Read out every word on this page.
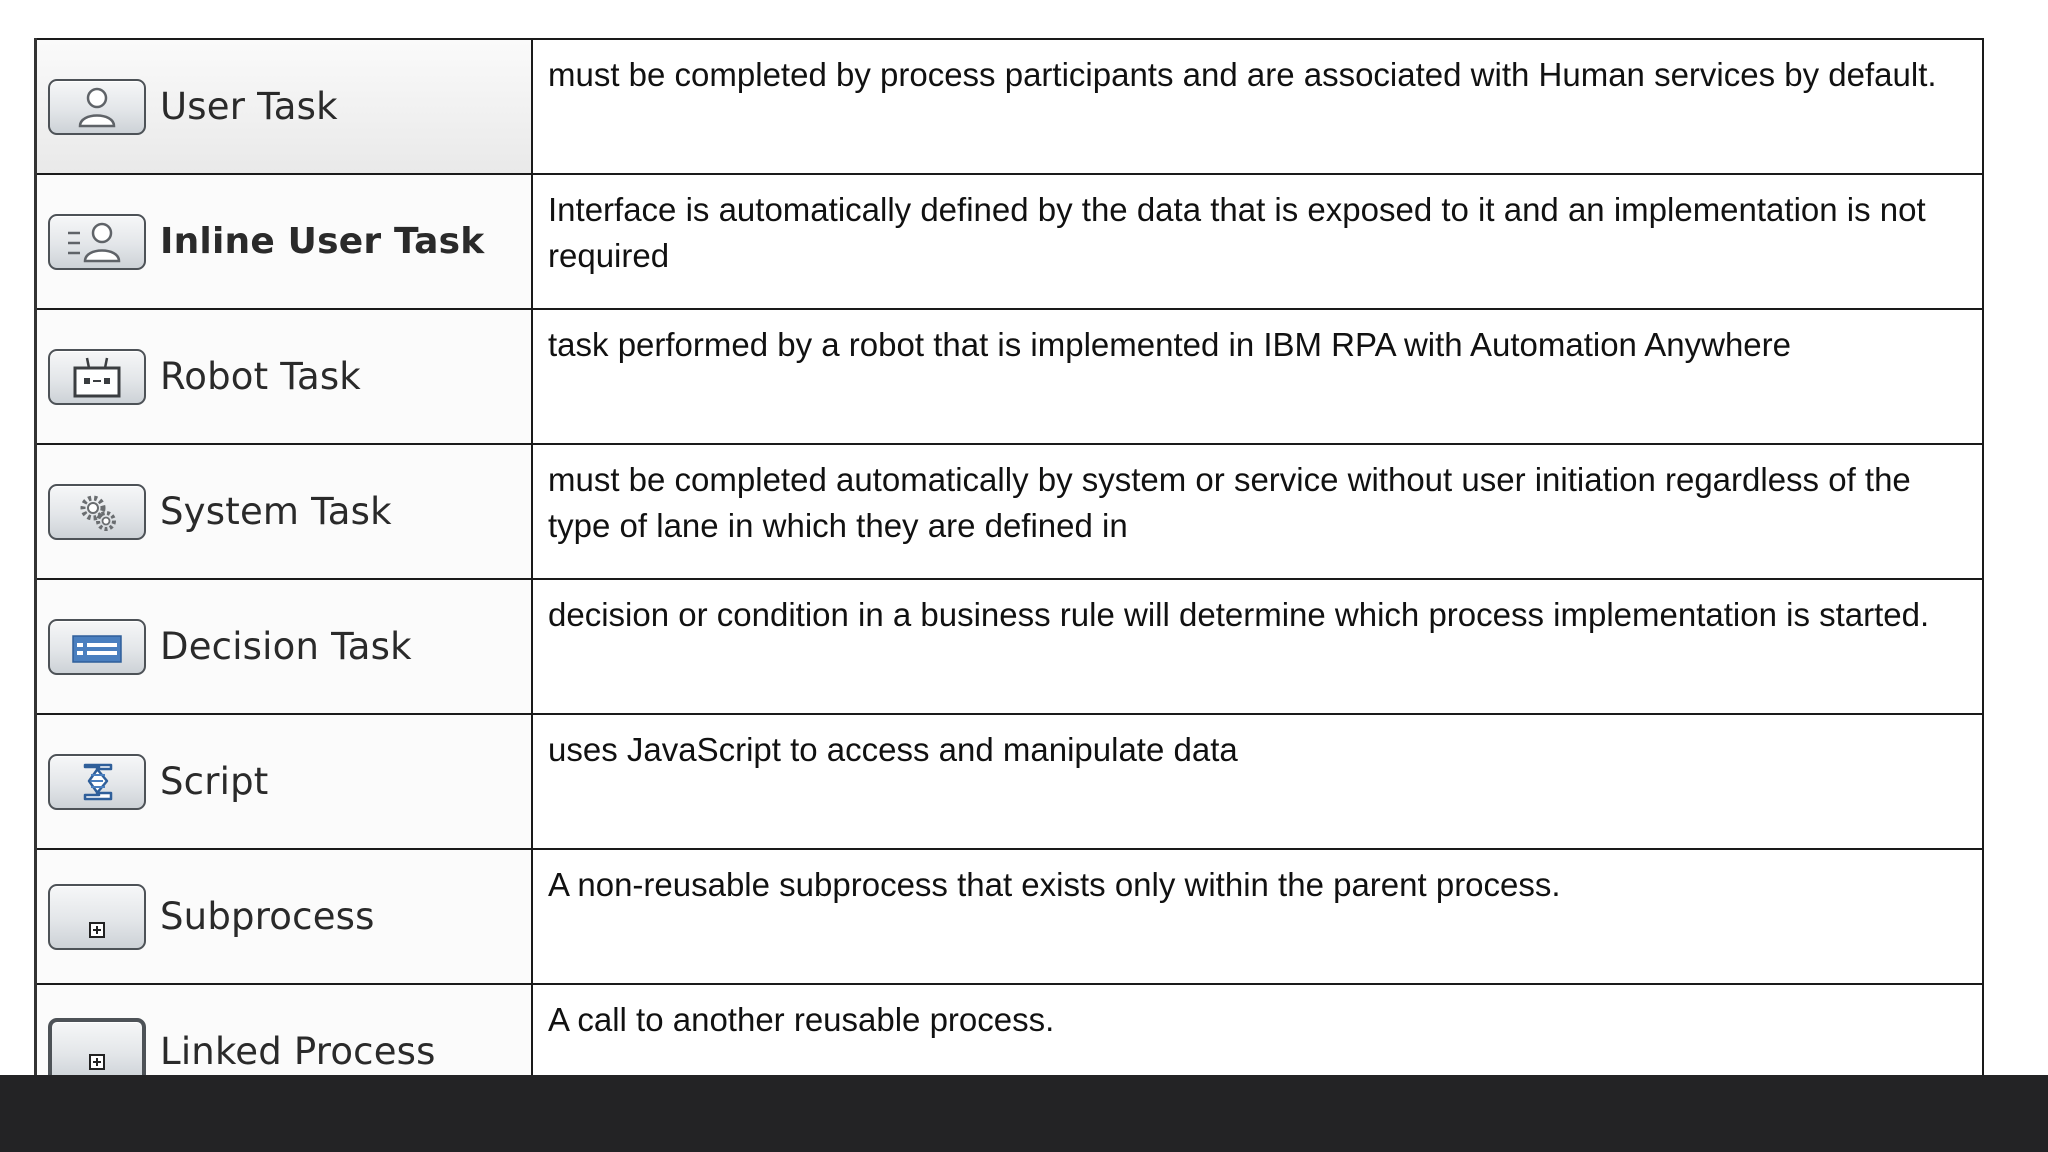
User Task	must be completed by process participants and are associated with Human services by default.

Inline User Task	Interface is automatically defined by the data that is exposed to it and an implementation is not required

Robot Task	task performed by a robot that is implemented in IBM RPA with Automation Anywhere

System Task	must be completed automatically by system or service without user initiation regardless of the type of lane in which they are defined in

Decision Task	decision or condition in a business rule will determine which process implementation is started.

Script	uses JavaScript to access and manipulate data

Subprocess	A non-reusable subprocess that exists only within the parent process.

Linked Process	A call to another reusable process.
